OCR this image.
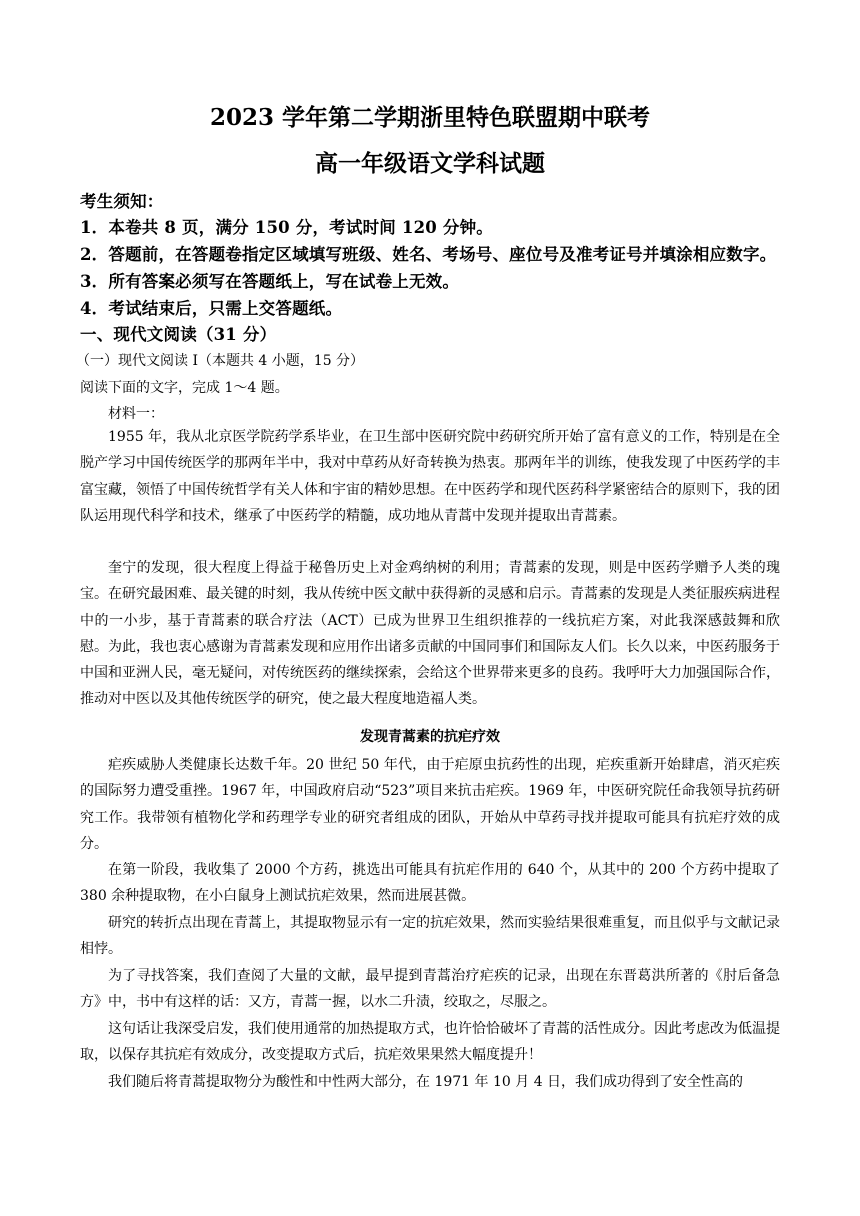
2023 学年第二学期浙里特色联盟期中联考
高一年级语文学科试题
考生须知：
1．本卷共 8 页，满分 150 分，考试时间 120 分钟。
2．答题前，在答题卷指定区域填写班级、姓名、考场号、座位号及准考证号并填涂相应数字。
3．所有答案必须写在答题纸上，写在试卷上无效。
4．考试结束后，只需上交答题纸。
一、现代文阅读（31 分）
（一）现代文阅读 Ⅰ（本题共 4 小题，15 分）
阅读下面的文字，完成 1～4 题。
材料一：

1955 年，我从北京医学院药学系毕业，在卫生部中医研究院中药研究所开始了富有意义的工作，特别是在全脱产学习中国传统医学的那两年半中，我对中草药从好奇转换为热衷。那两年半的训练，使我发现了中医药学的丰富宝藏，领悟了中国传统哲学有关人体和宇宙的精妙思想。在中医药学和现代医药科学紧密结合的原则下，我的团队运用现代科学和技术，继承了中医药学的精髓，成功地从青蒿中发现并提取出青蒿素。

奎宁的发现，很大程度上得益于秘鲁历史上对金鸡纳树的利用；青蒿素的发现，则是中医药学赠予人类的瑰宝。在研究最困难、最关键的时刻，我从传统中医文献中获得新的灵感和启示。青蒿素的发现是人类征服疾病进程中的一小步，基于青蒿素的联合疗法（ACT）已成为世界卫生组织推荐的一线抗疟方案，对此我深感鼓舞和欣慰。为此，我也衷心感谢为青蒿素发现和应用作出诸多贡献的中国同事们和国际友人们。长久以来，中医药服务于中国和亚洲人民，毫无疑问，对传统医药的继续探索，会给这个世界带来更多的良药。我呼吁大力加强国际合作，推动对中医以及其他传统医学的研究，使之最大程度地造福人类。

发现青蒿素的抗疟疗效

疟疾威胁人类健康长达数千年。20 世纪 50 年代，由于疟原虫抗药性的出现，疟疾重新开始肆虐，消灭疟疾的国际努力遭受重挫。1967 年，中国政府启动“523”项目来抗击疟疾。1969 年，中医研究院任命我领导抗药研究工作。我带领有植物化学和药理学专业的研究者组成的团队，开始从中草药寻找并提取可能具有抗疟疗效的成分。

在第一阶段，我收集了 2000 个方药，挑选出可能具有抗疟作用的 640 个，从其中的 200 个方药中提取了 380 余种提取物，在小白鼠身上测试抗疟效果，然而进展甚微。

研究的转折点出现在青蒿上，其提取物显示有一定的抗疟效果，然而实验结果很难重复，而且似乎与文献记录相悖。

为了寻找答案，我们查阅了大量的文献，最早提到青蒿治疗疟疾的记录，出现在东晋葛洪所著的《肘后备急方》中，书中有这样的话：又方，青蒿一握，以水二升渍，绞取之，尽服之。

这句话让我深受启发，我们使用通常的加热提取方式，也许恰恰破坏了青蒿的活性成分。因此考虑改为低温提取，以保存其抗疟有效成分，改变提取方式后，抗疟效果果然大幅度提升！

我们随后将青蒿提取物分为酸性和中性两大部分，在 1971 年 10 月 4 日，我们成功得到了安全性高的
